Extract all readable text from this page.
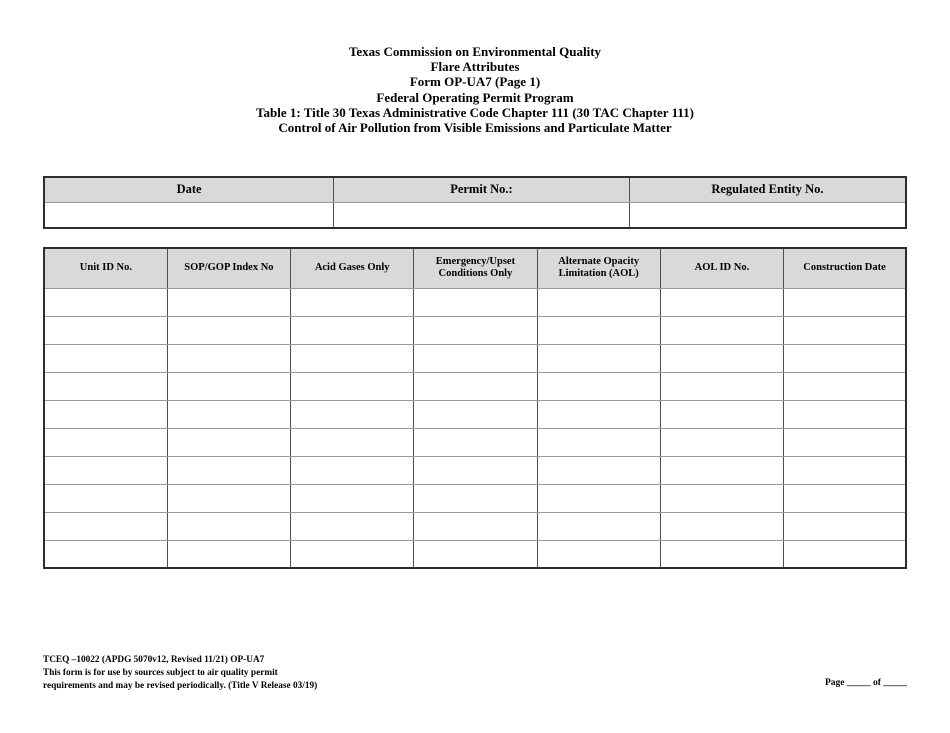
Texas Commission on Environmental Quality
Flare Attributes
Form OP-UA7 (Page 1)
Federal Operating Permit Program
Table 1: Title 30 Texas Administrative Code Chapter 111 (30 TAC Chapter 111)
Control of Air Pollution from Visible Emissions and Particulate Matter
Date	Permit No.:	Regulated Entity No.

Unit ID No.	SOP/GOP Index No	Acid Gases Only	Emergency/Upset Conditions Only	Alternate Opacity Limitation (AOL)	AOL ID No.	Construction Date

TCEQ –10022 (APDG 5070v12, Revised 11/21) OP-UA7
This form is for use by sources subject to air quality permit
requirements and may be revised periodically. (Title V Release 03/19)	Page _____ of _____
